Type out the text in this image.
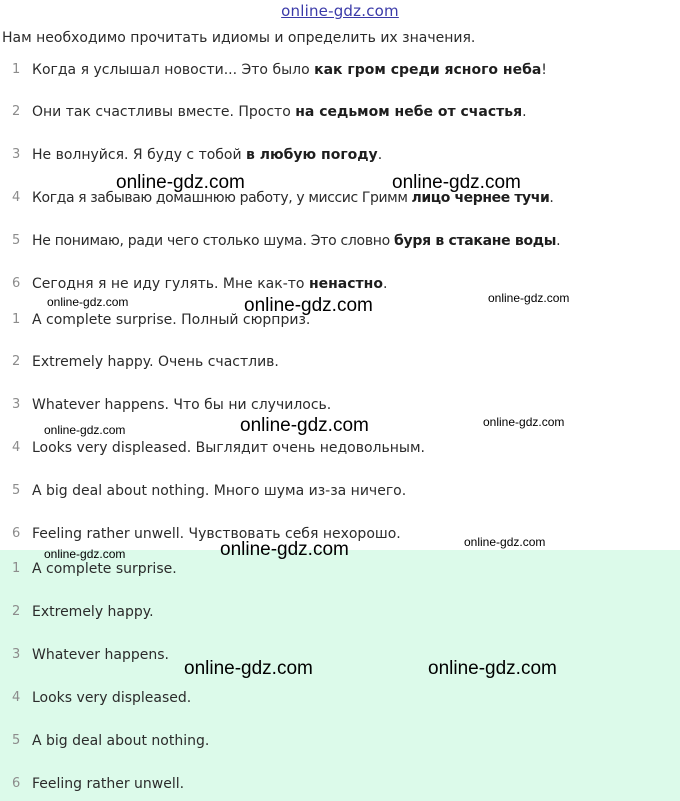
online-gdz.com
Нам необходимо прочитать идиомы и определить их значения.
1 Когда я услышал новости... Это было как гром среди ясного неба!
2 Они так счастливы вместе. Просто на седьмом небе от счастья.
3 Не волнуйся. Я буду с тобой в любую погоду.
4 Когда я забываю домашнюю работу, у миссис Гримм лицо чернее тучи.
5 Не понимаю, ради чего столько шума. Это словно буря в стакане воды.
6 Сегодня я не иду гулять. Мне как-то ненастно.
1 A complete surprise. Полный сюрприз.
2 Extremely happy. Очень счастлив.
3 Whatever happens. Что бы ни случилось.
4 Looks very displeased. Выглядит очень недовольным.
5 A big deal about nothing. Много шума из-за ничего.
6 Feeling rather unwell. Чувствовать себя нехорошо.
1 A complete surprise.
2 Extremely happy.
3 Whatever happens.
4 Looks very displeased.
5 A big deal about nothing.
6 Feeling rather unwell.
online-gdz.com	online-gdz.com
online-gdz.com	online-gdz.com	online-gdz.com
online-gdz.com
online-gdz.com	online-gdz.com
online-gdz.com
online-gdz.com
online-gdz.com
online-gdz.com	online-gdz.com
